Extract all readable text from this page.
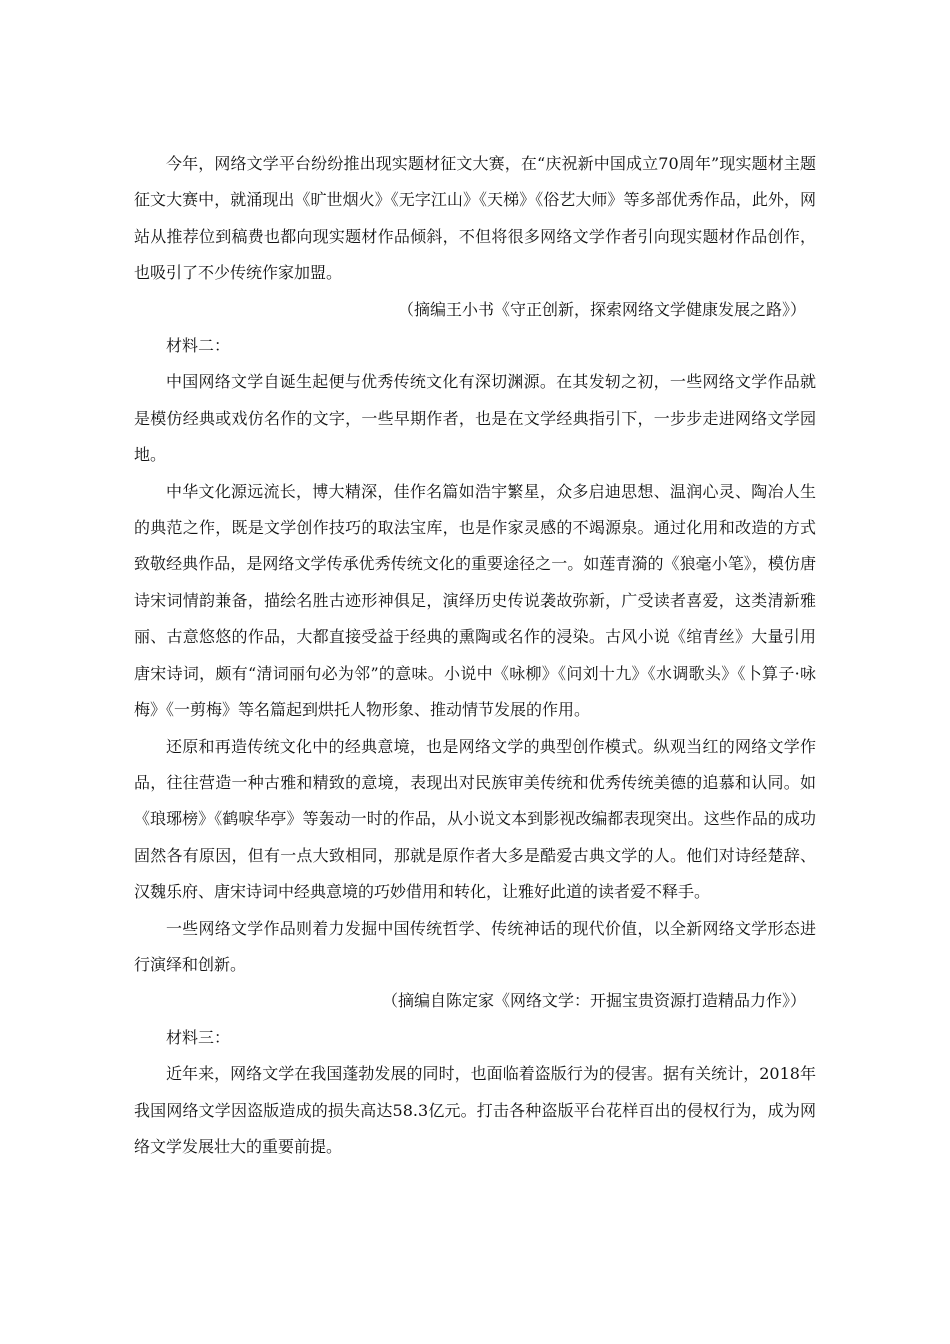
今年，网络文学平台纷纷推出现实题材征文大赛，在“庆祝新中国成立70周年”现实题材主题征文大赛中，就涌现出《旷世烟火》《无字江山》《天梯》《俗艺大师》等多部优秀作品，此外，网站从推荐位到稿费也都向现实题材作品倾斜，不但将很多网络文学作者引向现实题材作品创作，也吸引了不少传统作家加盟。

（摘编王小书《守正创新，探索网络文学健康发展之路》）

材料二：

中国网络文学自诞生起便与优秀传统文化有深切渊源。在其发轫之初，一些网络文学作品就是模仿经典或戏仿名作的文字，一些早期作者，也是在文学经典指引下，一步步走进网络文学园地。

中华文化源远流长，博大精深，佳作名篇如浩宇繁星，众多启迪思想、温润心灵、陶冶人生的典范之作，既是文学创作技巧的取法宝库，也是作家灵感的不竭源泉。通过化用和改造的方式致敬经典作品，是网络文学传承优秀传统文化的重要途径之一。如莲青漪的《狼毫小笔》，模仿唐诗宋词情韵兼备，描绘名胜古迹形神俱足，演绎历史传说袭故弥新，广受读者喜爱，这类清新雅丽、古意悠悠的作品，大都直接受益于经典的熏陶或名作的浸染。古风小说《绾青丝》大量引用唐宋诗词，颇有“清词丽句必为邻”的意味。小说中《咏柳》《问刘十九》《水调歌头》《卜算子·咏梅》《一剪梅》等名篇起到烘托人物形象、推动情节发展的作用。

还原和再造传统文化中的经典意境，也是网络文学的典型创作模式。纵观当红的网络文学作品，往往营造一种古雅和精致的意境，表现出对民族审美传统和优秀传统美德的追慕和认同。如《琅琊榜》《鹤唳华亭》等轰动一时的作品，从小说文本到影视改编都表现突出。这些作品的成功固然各有原因，但有一点大致相同，那就是原作者大多是酷爱古典文学的人。他们对诗经楚辞、汉魏乐府、唐宋诗词中经典意境的巧妙借用和转化，让雅好此道的读者爱不释手。

一些网络文学作品则着力发掘中国传统哲学、传统神话的现代价值，以全新网络文学形态进行演绎和创新。

（摘编自陈定家《网络文学：开掘宝贵资源打造精品力作》）

材料三：

近年来，网络文学在我国蓬勃发展的同时，也面临着盗版行为的侵害。据有关统计，2018年我国网络文学因盗版造成的损失高达58.3亿元。打击各种盗版平台花样百出的侵权行为，成为网络文学发展壮大的重要前提。
